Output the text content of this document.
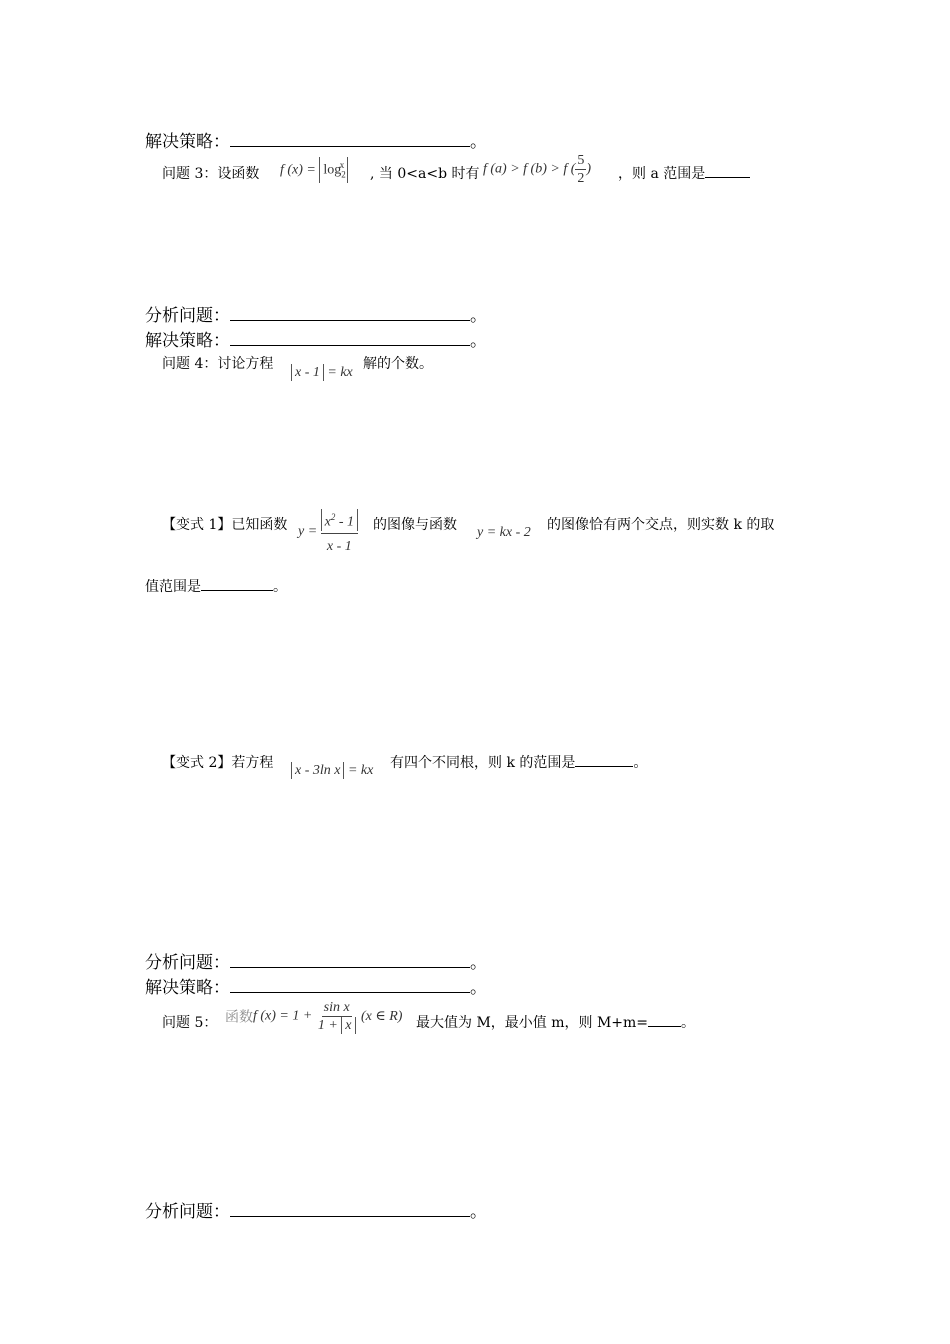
解决策略：	。
问题 3：设函数 f $(x) = \log_2^x$
, 当 0<a<b 时有 f (a) > f (b) > f ( $\frac{5}{2}$ ) ，则 a 范围是
分析问题：	。
解决策略：	。
问题 4：讨论方程
x - 1 = kx
解的个数。
【变式 1】已知函数 $y = \frac{x^2 - 1}{x - 1}$ 的图像与函数 y = kx - 2 的图像恰有两个交点，则实数 k 的取
值范围是	。
【变式 2】若方程 x - 3ln x = kx 有四个不同根，则 k 的范围是	。
分析问题：	。
解决策略：	。
问题 5： 函数f $(x) = 1 + \frac{\text{sin x}}{1 + x} (x$ ∈ R) 最大值为 M，最小值 m，则 M+m= 。
分析问题：	。
